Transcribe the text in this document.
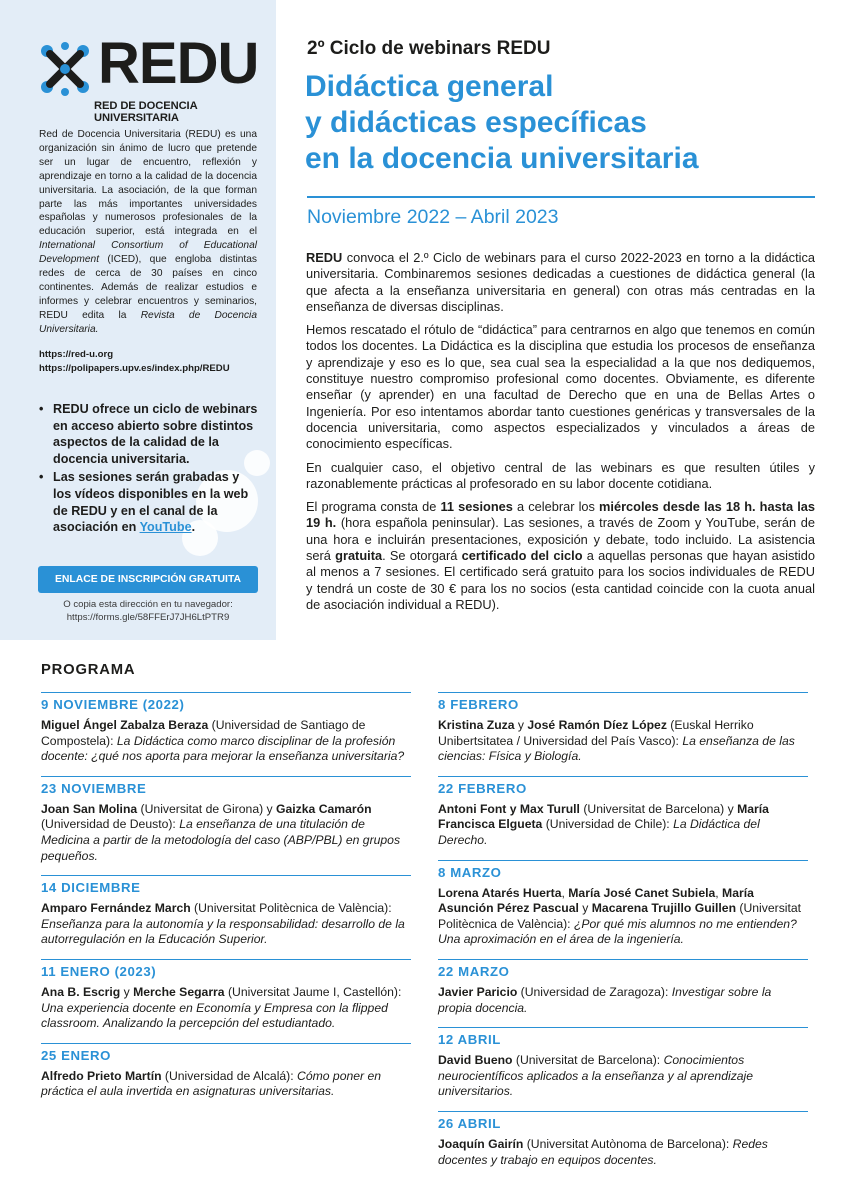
REDU
RED DE DOCENCIA UNIVERSITARIA
Red de Docencia Universitaria (REDU) es una organización sin ánimo de lucro que pretende ser un lugar de encuentro, reflexión y aprendizaje en torno a la calidad de la docencia universitaria. La asociación, de la que forman parte las más importantes universidades españolas y numerosos profesionales de la educación superior, está integrada en el International Consortium of Educational Development (ICED), que engloba distintas redes de cerca de 30 países en cinco continentes. Además de realizar estudios e informes y celebrar encuentros y seminarios, REDU edita la Revista de Docencia Universitaria.
https://red-u.org
https://polipapers.upv.es/index.php/REDU
• REDU ofrece un ciclo de webinars en acceso abierto sobre distintos aspectos de la calidad de la docencia universitaria.
• Las sesiones serán grabadas y los vídeos disponibles en la web de REDU y en el canal de la asociación en YouTube.
ENLACE DE INSCRIPCIÓN GRATUITA
O copia esta dirección en tu navegador:
https://forms.gle/58FFErJ7JH6LtPTR9
2º Ciclo de webinars REDU
Didáctica general
y didácticas específicas
en la docencia universitaria
Noviembre 2022 – Abril 2023

REDU convoca el 2.º Ciclo de webinars para el curso 2022-2023 en torno a la didáctica universitaria. Combinaremos sesiones dedicadas a cuestiones de didáctica general (la que afecta a la enseñanza universitaria en general) con otras más centradas en la enseñanza de diversas disciplinas.

Hemos rescatado el rótulo de “didáctica” para centrarnos en algo que tenemos en común todos los docentes. La Didáctica es la disciplina que estudia los procesos de enseñanza y aprendizaje y eso es lo que, sea cual sea la especialidad a la que nos dediquemos, constituye nuestro compromiso profesional como docentes. Obviamente, es diferente enseñar (y aprender) en una facultad de Derecho que en una de Bellas Artes o Ingeniería. Por eso intentamos abordar tanto cuestiones genéricas y transversales de la docencia universitaria, como aspectos especializados y vinculados a áreas de conocimiento específicas.

En cualquier caso, el objetivo central de las webinars es que resulten útiles y razonablemente prácticas al profesorado en su labor docente cotidiana.

El programa consta de 11 sesiones a celebrar los miércoles desde las 18 h. hasta las 19 h. (hora española peninsular). Las sesiones, a través de Zoom y YouTube, serán de una hora e incluirán presentaciones, exposición y debate, todo incluido. La asistencia será gratuita. Se otorgará certificado del ciclo a aquellas personas que hayan asistido al menos a 7 sesiones. El certificado será gratuito para los socios individuales de REDU y tendrá un coste de 30 € para los no socios (esta cantidad coincide con la cuota anual de asociación individual a REDU).

PROGRAMA
9 NOVIEMBRE (2022)
Miguel Ángel Zabalza Beraza (Universidad de Santiago de Compostela): La Didáctica como marco disciplinar de la profesión docente: ¿qué nos aporta para mejorar la enseñanza universitaria?
23 NOVIEMBRE
Joan San Molina (Universitat de Girona) y Gaizka Camarón (Universidad de Deusto): La enseñanza de una titulación de Medicina a partir de la metodología del caso (ABP/PBL) en grupos pequeños.
14 DICIEMBRE
Amparo Fernández March (Universitat Politècnica de València): Enseñanza para la autonomía y la responsabilidad: desarrollo de la autorregulación en la Educación Superior.
11 ENERO (2023)
Ana B. Escrig y Merche Segarra (Universitat Jaume I, Castellón): Una experiencia docente en Economía y Empresa con la flipped classroom. Analizando la percepción del estudiantado.
25 ENERO
Alfredo Prieto Martín (Universidad de Alcalá): Cómo poner en práctica el aula invertida en asignaturas universitarias.
8 FEBRERO
Kristina Zuza y José Ramón Díez López (Euskal Herriko Unibertsitatea / Universidad del País Vasco): La enseñanza de las ciencias: Física y Biología.
22 FEBRERO
Antoni Font y Max Turull (Universitat de Barcelona) y María Francisca Elgueta (Universidad de Chile): La Didáctica del Derecho.
8 MARZO
Lorena Atarés Huerta, María José Canet Subiela, María Asunción Pérez Pascual y Macarena Trujillo Guillen (Universitat Politècnica de València): ¿Por qué mis alumnos no me entienden? Una aproximación en el área de la ingeniería.
22 MARZO
Javier Paricio (Universidad de Zaragoza): Investigar sobre la propia docencia.
12 ABRIL
David Bueno (Universitat de Barcelona): Conocimientos neurocientíficos aplicados a la enseñanza y al aprendizaje universitarios.
26 ABRIL
Joaquín Gairín (Universitat Autònoma de Barcelona): Redes docentes y trabajo en equipos docentes.
